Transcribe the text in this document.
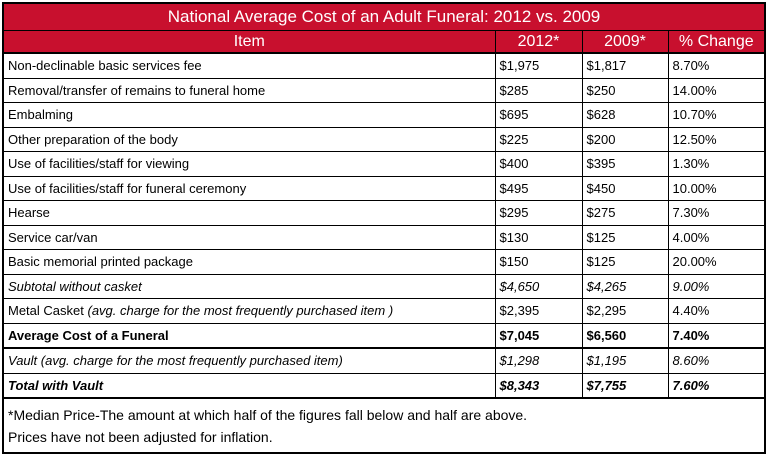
National Average Cost of an Adult Funeral: 2012 vs. 2009
Item	2012*	2009*	% Change
Non-declinable basic services fee	$1,975	$1,817	8.70%
Removal/transfer of remains to funeral home	$285	$250	14.00%
Embalming	$695	$628	10.70%
Other preparation of the body	$225	$200	12.50%
Use of facilities/staff for viewing	$400	$395	1.30%
Use of facilities/staff for funeral ceremony	$495	$450	10.00%
Hearse	$295	$275	7.30%
Service car/van	$130	$125	4.00%
Basic memorial printed package	$150	$125	20.00%
Subtotal without casket	$4,650	$4,265	9.00%
Metal Casket (avg. charge for the most frequently purchased item )	$2,395	$2,295	4.40%
Average Cost of a Funeral	$7,045	$6,560	7.40%
Vault (avg. charge for the most frequently purchased item)	$1,298	$1,195	8.60%
Total with Vault	$8,343	$7,755	7.60%
*Median Price-The amount at which half of the figures fall below and half are above.
Prices have not been adjusted for inflation.
